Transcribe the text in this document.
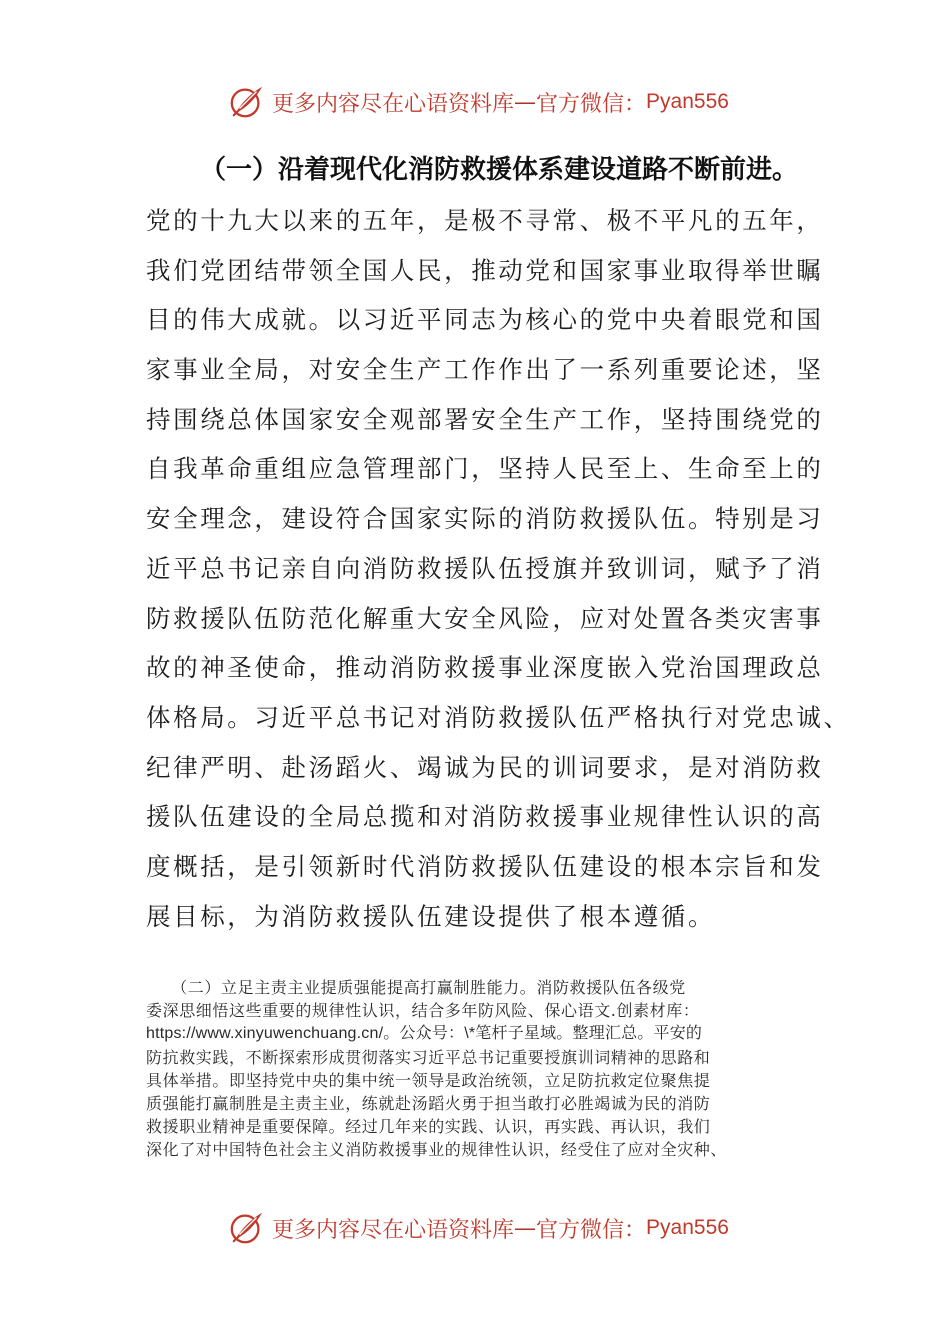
更多内容尽在心语资料库 — 官方微信： Pyan556
（一）沿着现代化消防救援体系建设道路不断前进。
党的十九大以来的五年，是极不寻常、极不平凡的五年，
我们党团结带领全国人民，推动党和国家事业取得举世瞩
目的伟大成就。以习近平同志为核心的党中央着眼党和国
家事业全局，对安全生产工作作出了一系列重要论述，坚
持围绕总体国家安全观部署安全生产工作，坚持围绕党的
自我革命重组应急管理部门，坚持人民至上、生命至上的
安全理念，建设符合国家实际的消防救援队伍。特别是习
近平总书记亲自向消防救援队伍授旗并致训词，赋予了消
防救援队伍防范化解重大安全风险，应对处置各类灾害事
故的神圣使命，推动消防救援事业深度嵌入党治国理政总
体格局。习近平总书记对消防救援队伍严格执行对党忠诚、
纪律严明、赴汤蹈火、竭诚为民的训词要求，是对消防救
援队伍建设的全局总揽和对消防救援事业规律性认识的高
度概括，是引领新时代消防救援队伍建设的根本宗旨和发
展目标，为消防救援队伍建设提供了根本遵循。
　　（二）立足主责主业提质强能提高打赢制胜能力。消防救援队伍各级党
委深思细悟这些重要的规律性认识，结合多年防风险、保心语文.创素材库：
https://www.xinyuwenchuang.cn/。公众号：\*笔杆子星域。整理汇总。平安的
防抗救实践，不断探索形成贯彻落实习近平总书记重要授旗训词精神的思路和
具体举措。即坚持党中央的集中统一领导是政治统领，立足防抗救定位聚焦提
质强能打赢制胜是主责主业，练就赴汤蹈火勇于担当敢打必胜竭诚为民的消防
救援职业精神是重要保障。经过几年来的实践、认识，再实践、再认识，我们
深化了对中国特色社会主义消防救援事业的规律性认识，经受住了应对全灾种、
更多内容尽在心语资料库 — 官方微信： Pyan556
